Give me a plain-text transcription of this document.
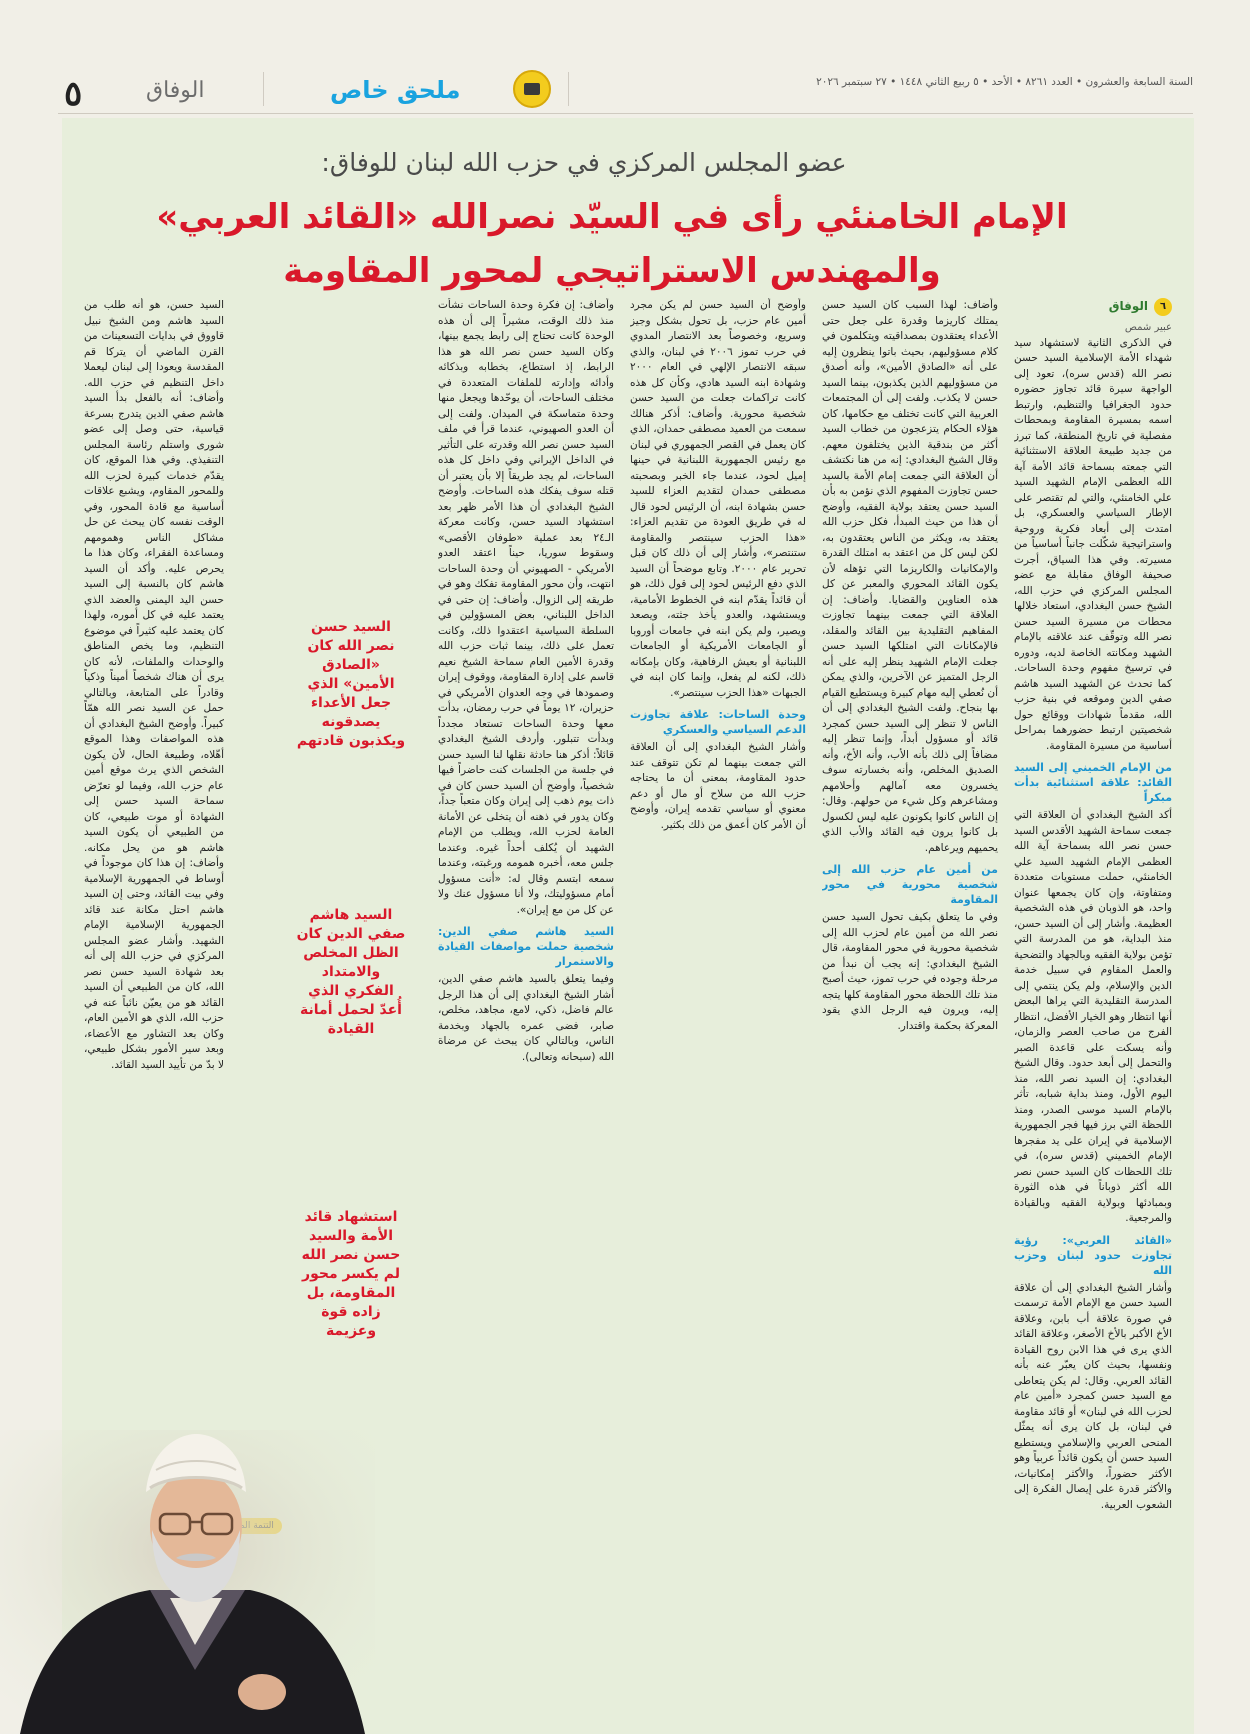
٥	الوفاق	ملحق خاص	السنة السابعة والعشرون • العدد ٨٢٦١ • الأحد • ٥ ربيع الثاني ١٤٤٨ • ٢٧ سبتمبر ٢٠٢٦
عضو المجلس المركزي في حزب الله لبنان للوفاق:
الإمام الخامنئي رأى في السيّد نصرالله «القائد العربي»
والمهندس الاستراتيجي لمحور المقاومة
٦
الوفاق
عبير شمص

في الذكرى الثانية لاستشهاد سيد شهداء الأمة الإسلامية السيد حسن نصر الله (قدس سره)، تعود إلى الواجهة سيرة قائد تجاوز حضوره حدود الجغرافيا والتنظيم، وارتبط اسمه بمسيرة المقاومة وبمحطات مفصلية في تاريخ المنطقة، كما تبرز من جديد طبيعة العلاقة الاستثنائية التي جمعته بسماحة قائد الأمة آية الله العظمى الإمام الشهيد السيد علي الخامنئي، والتي لم تقتصر على الإطار السياسي والعسكري، بل امتدت إلى أبعاد فكرية وروحية واستراتيجية شكّلت جانباً أساسياً من مسيرته. وفي هذا السياق، أجرت صحيفة الوفاق مقابلة مع عضو المجلس المركزي في حزب الله، الشيخ حسن البغدادي، استعاد خلالها محطات من مسيرة السيد حسن نصر الله وتوقّف عند علاقته بالإمام الشهيد ومكانته الخاصة لديه، ودوره في ترسيخ مفهوم وحدة الساحات. كما تحدث عن الشهيد السيد هاشم صفي الدين وموقعه في بنية حزب الله، مقدماً شهادات ووقائع حول شخصيتين ارتبط حضورهما بمراحل أساسية من مسيرة المقاومة.

من الإمام الخميني إلى السيد القائد: علاقة استثنائية بدأت مبكراً

أكد الشيخ البغدادي أن العلاقة التي جمعت سماحة الشهيد الأقدس السيد حسن نصر الله بسماحة آية الله العظمى الإمام الشهيد السيد علي الخامنئي، حملت مستويات متعددة ومتفاوتة، وإن كان يجمعها عنوان واحد، هو الذوبان في هذه الشخصية العظيمة. وأشار إلى أن السيد حسن، منذ البداية، هو من المدرسة التي تؤمن بولاية الفقيه وبالجهاد والتضحية والعمل المقاوم في سبيل خدمة الدين والإسلام، ولم يكن ينتمي إلى المدرسة التقليدية التي يراها البعض أنها انتظار وهو الخيار الأفضل، انتظار الفرج من صاحب العصر والزمان، وأنه يسكت على قاعدة الصبر والتحمل إلى أبعد حدود. وقال الشيخ البغدادي: إن السيد نصر الله، منذ اليوم الأول، ومنذ بداية شبابه، تأثر بالإمام السيد موسى الصدر، ومنذ اللحظة التي برز فيها فجر الجمهورية الإسلامية في إيران على يد مفجرها الإمام الخميني (قدس سره)، في تلك اللحظات كان السيد حسن نصر الله أكثر ذوباناً في هذه الثورة وبمبادئها وبولاية الفقيه وبالقيادة والمرجعية.

«القائد العربي»: رؤية تجاوزت حدود لبنان وحزب الله

وأشار الشيخ البغدادي إلى أن علاقة السيد حسن مع الإمام الأمة ترسمت في صورة علاقة أب بابن، وعلاقة الأخ الأكبر بالأخ الأصغر، وعلاقة القائد الذي يرى في هذا الابن روح القيادة ونفسها، بحيث كان يعبّر عنه بأنه القائد العربي. وقال: لم يكن يتعاطى مع السيد حسن كمجرد «أمين عام لحزب الله في لبنان» أو قائد مقاومة في لبنان، بل كان يرى أنه يمثّل المنحى العربي والإسلامي ويستطيع السيد حسن أن يكون قائداً عربياً وهو الأكثر حضوراً، والأكثر إمكانيات، والأكثر قدرة على إيصال الفكرة إلى الشعوب العربية.

وأضاف: لهذا السبب كان السيد حسن يمتلك كاريزما وقدرة على جعل حتى الأعداء يعتقدون بمصداقيته ويتكلمون في كلام مسؤوليهم، بحيث باتوا ينظرون إليه على أنه «الصادق الأمين»، وأنه أصدق من مسؤوليهم الذين يكذبون، بينما السيد حسن لا يكذب. ولفت إلى أن المجتمعات العربية التي كانت تختلف مع حكامها، كان هؤلاء الحكام يتزعجون من خطاب السيد أكثر من بندقية الذين يختلفون معهم. وقال الشيخ البغدادي: إنه من هنا نكتشف أن العلاقة التي جمعت إمام الأمة بالسيد حسن تجاوزت المفهوم الذي نؤمن به بأن السيد حسن يعتقد بولاية الفقيه، وأوضح أن هذا من حيث المبدأ، فكل حزب الله يعتقد به، ويكثر من الناس يعتقدون به، لكن ليس كل من اعتقد به امتلك القدرة والإمكانيات والكاريزما التي تؤهله لأن يكون القائد المحوري والمعبر عن كل هذه العناوين والقضايا. وأضاف: إن العلاقة التي جمعت بينهما تجاوزت المفاهيم التقليدية بين القائد والمقلد، فالإمكانات التي امتلكها السيد حسن جعلت الإمام الشهيد ينظر إليه على أنه الرجل المتميز عن الآخرين، والذي يمكن أن نُعطي إليه مهام كبيرة ويستطيع القيام بها بنجاح. ولفت الشيخ البغدادي إلى أن الناس لا تنظر إلى السيد حسن كمجرد قائد أو مسؤول أبداً، وإنما تنظر إليه مضافاً إلى ذلك بأنه الأب، وأنه الأخ، وأنه الصديق المخلص، وأنه بخسارته سوف يخسرون معه آمالهم وأحلامهم ومشاعرهم وكل شيء من حولهم. وقال: إن الناس كانوا يكونون عليه ليس لكسول بل كانوا يرون فيه القائد والأب الذي يحميهم ويرعاهم.

من أمين عام حزب الله إلى شخصية محورية في محور المقاومة

وفي ما يتعلق بكيف تحول السيد حسن نصر الله من أمين عام لحزب الله إلى شخصية محورية في محور المقاومة، قال الشيخ البغدادي: إنه يجب أن نبدأ من مرحلة وجوده في حرب تموز، حيث أصبح منذ تلك اللحظة محور المقاومة كلها يتجه إليه، ويرون فيه الرجل الذي يقود المعركة بحكمة واقتدار.

وأوضح أن السيد حسن لم يكن مجرد أمين عام حزب، بل تحول بشكل وجيز وسريع، وخصوصاً بعد الانتصار المدوي في حرب تموز ٢٠٠٦ في لبنان، والذي سبقه الانتصار الإلهي في العام ٢٠٠٠ وشهادة ابنه السيد هادي، وكأن كل هذه كانت تراكمات جعلت من السيد حسن شخصية محورية. وأضاف: أذكر هنالك سمعت من العميد مصطفى حمدان، الذي كان يعمل في القصر الجمهوري في لبنان مع رئيس الجمهورية اللبنانية في حينها إميل لحود، عندما جاء الخبر وبصحبته مصطفى حمدان لتقديم العزاء للسيد حسن بشهادة ابنه، أن الرئيس لحود قال له في طريق العودة من تقديم العزاء: «هذا الحزب سينتصر والمقاومة ستنتصر»، وأشار إلى أن ذلك كان قبل تحرير عام ٢٠٠٠. وتابع موضحاً أن السيد الذي دفع الرئيس لحود إلى قول ذلك، هو أن قائداً يقدّم ابنه في الخطوط الأمامية، ويستشهد، والعدو يأخذ جثته، ويصعد ويصير، ولم يكن ابنه في جامعات أوروبا أو الجامعات الأمريكية أو الجامعات اللبنانية أو بعيش الرفاهية، وكان بإمكانه ذلك، لكنه لم يفعل، وإنما كان ابنه في الجبهات «هذا الحزب سينتصر».

وحدة الساحات: علاقة تجاوزت الدعم السياسي والعسكري

وأشار الشيخ البغدادي إلى أن العلاقة التي جمعت بينهما لم تكن تتوقف عند حدود المقاومة، بمعنى أن ما يحتاجه حزب الله من سلاح أو مال أو دعم معنوي أو سياسي تقدمه إيران، وأوضح أن الأمر كان أعمق من ذلك بكثير.

وأضاف: إن فكرة وحدة الساحات نشأت منذ ذلك الوقت، مشيراً إلى أن هذه الوحدة كانت تحتاج إلى رابط يجمع بينها، وكان السيد حسن نصر الله هو هذا الرابط، إذ استطاع، بخطابه وبذكائه وأدائه وإدارته للملفات المتعددة في مختلف الساحات، أن يوحّدها ويجعل منها وحدة متماسكة في الميدان. ولفت إلى أن العدو الصهيوني، عندما قرأ في ملف السيد حسن نصر الله وقدرته على التأثير في الداخل الإيراني وفي داخل كل هذه الساحات، لم يجد طريقاً إلا بأن يعتبر أن قتله سوف يفكك هذه الساحات. وأوضح الشيخ البغدادي أن هذا الأمر ظهر بعد استشهاد السيد حسن، وكانت معركة الـ٢٤ بعد عملية «طوفان الأقصى» وسقوط سوريا، حيناً اعتقد العدو الأمريكي - الصهيوني أن وحدة الساحات انتهت، وأن محور المقاومة تفكك وهو في طريقه إلى الزوال. وأضاف: إن حتى في الداخل اللبناني، بعض المسؤولين في السلطة السياسية اعتقدوا ذلك، وكانت تعمل على ذلك، بينما ثبات حزب الله وقدرة الأمين العام سماحة الشيخ نعيم قاسم على إدارة المقاومة، ووقوف إيران وصمودها في وجه العدوان الأمريكي في حزيران، ١٢ يوماً في حرب رمضان، بدأت معها وحدة الساحات تستعاد مجدداً وبدأت تتبلور. وأردف الشيخ البغدادي قائلاً: أذكر هنا حادثة نقلها لنا السيد حسن في جلسة من الجلسات كنت حاضراً فيها شخصياً، وأوضح أن السيد حسن كان في ذات يوم ذهب إلى إيران وكان متعباً جداً، وكان يدور في ذهنه أن يتخلى عن الأمانة العامة لحزب الله، ويطلب من الإمام الشهيد أن يُكلف أحداً غيره. وعندما جلس معه، أخبره همومه ورغبته، وعندما سمعه ابتسم وقال له: «أنت مسؤول أمام مسؤوليتك، ولا أنا مسؤول عنك ولا عن كل من مع إيران».

السيد هاشم صفي الدين: شخصية حملت مواصفات القيادة والاستمرار

وفيما يتعلق بالسيد هاشم صفي الدين، أشار الشيخ البغدادي إلى أن هذا الرجل عالم فاضل، ذكي، لامع، مجاهد، مخلص، صابر، فضى عمره بالجهاد وبخدمة الناس، وبالتالي كان يبحث عن مرضاة الله (سبحانه وتعالى).

السيد حسن، هو أنه طلب من السيد هاشم ومن الشيخ نبيل قاووق في بدايات التسعينات من القرن الماضي أن يتركا قم المقدسة ويعودا إلى لبنان ليعملا داخل التنظيم في حزب الله. وأضاف: أنه بالفعل بدأ السيد هاشم صفي الدين يتدرج بسرعة قياسية، حتى وصل إلى عضو شورى واستلم رئاسة المجلس التنفيذي. وفي هذا الموقع، كان يقدّم خدمات كبيرة لحزب الله وللمحور المقاوم، ويشبع علاقات أساسية مع قادة المحور، وفي الوقت نفسه كان يبحث عن حل مشاكل الناس وهمومهم ومساعدة الفقراء، وكان هذا ما يحرص عليه. وأكد أن السيد هاشم كان بالنسبة إلى السيد حسن اليد اليمنى والعضد الذي يعتمد عليه في كل أموره، ولهذا كان يعتمد عليه كثيراً في موضوع التنظيم، وما يخص المناطق والوحدات والملفات، لأنه كان يرى أن هناك شخصاً أميناً وذكياً وقادراً على المتابعة، وبالتالي حمل عن السيد نصر الله همّاً كبيراً. وأوضح الشيخ البغدادي أن هذه المواصفات وهذا الموقع أهّلاه، وطبيعة الحال، لأن يكون الشخص الذي يرث موقع أمين عام حزب الله، وفيما لو تعرّض سماحة السيد حسن إلى الشهادة أو موت طبيعي، كان من الطبيعي أن يكون السيد هاشم هو من يحل مكانه. وأضاف: إن هذا كان موجوداً في أوساط في الجمهورية الإسلامية وفي بيت القائد، وحتى إن السيد هاشم احتل مكانة عند قائد الجمهورية الإسلامية الإمام الشهيد. وأشار عضو المجلس المركزي في حزب الله إلى أنه بعد شهادة السيد حسن نصر الله، كان من الطبيعي أن السيد القائد هو من يعيّن نائباً عنه في حزب الله، الذي هو الأمين العام، وكان بعد التشاور مع الأعضاء، وبعد سير الأمور بشكل طبيعي، لا بدّ من تأييد السيد القائد.

السيد حسن نصر الله كان «الصادق الأمين» الذي جعل الأعداء يصدقونه ويكذبون قادتهم
السيد هاشم صفي الدين كان الظل المخلص والامتداد الفكري الذي أُعدّ لحمل أمانة القيادة
استشهاد قائد الأمة والسيد حسن نصر الله لم يكسر محور المقاومة، بل زاده قوة وعزيمة
